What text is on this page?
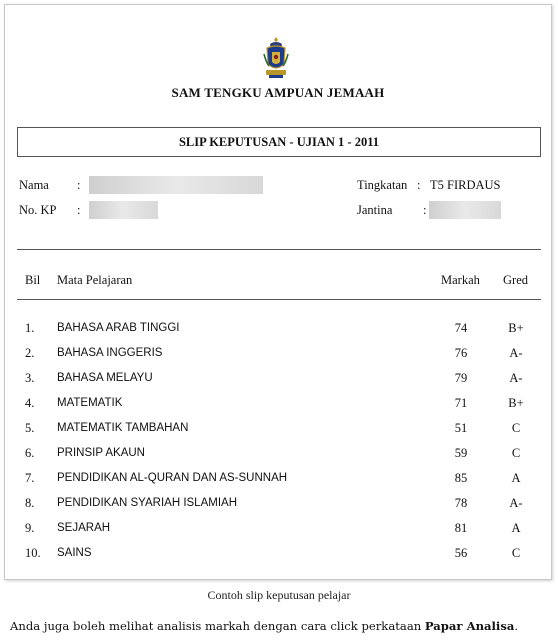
SAM TENGKU AMPUAN JEMAAH
SLIP KEPUTUSAN - UJIAN 1 - 2011
Nama :
No. KP :
Tingkatan : T5 FIRDAUS
Jantina :
Bil Mata Pelajaran	Markah Gred
1. BAHASA ARAB TINGGI	74	B+
2. BAHASA INGGERIS	76	A-
3. BAHASA MELAYU	79	A-
4. MATEMATIK	71	B+
5. MATEMATIK TAMBAHAN	51	C
6. PRINSIP AKAUN	59	C
7. PENDIDIKAN AL-QURAN DAN AS-SUNNAH	85	A
8. PENDIDIKAN SYARIAH ISLAMIAH	78	A-
9. SEJARAH	81	A
10. SAINS	56	C
Contoh slip keputusan pelajar
Anda juga boleh melihat analisis markah dengan cara click perkataan Papar Analisa.
